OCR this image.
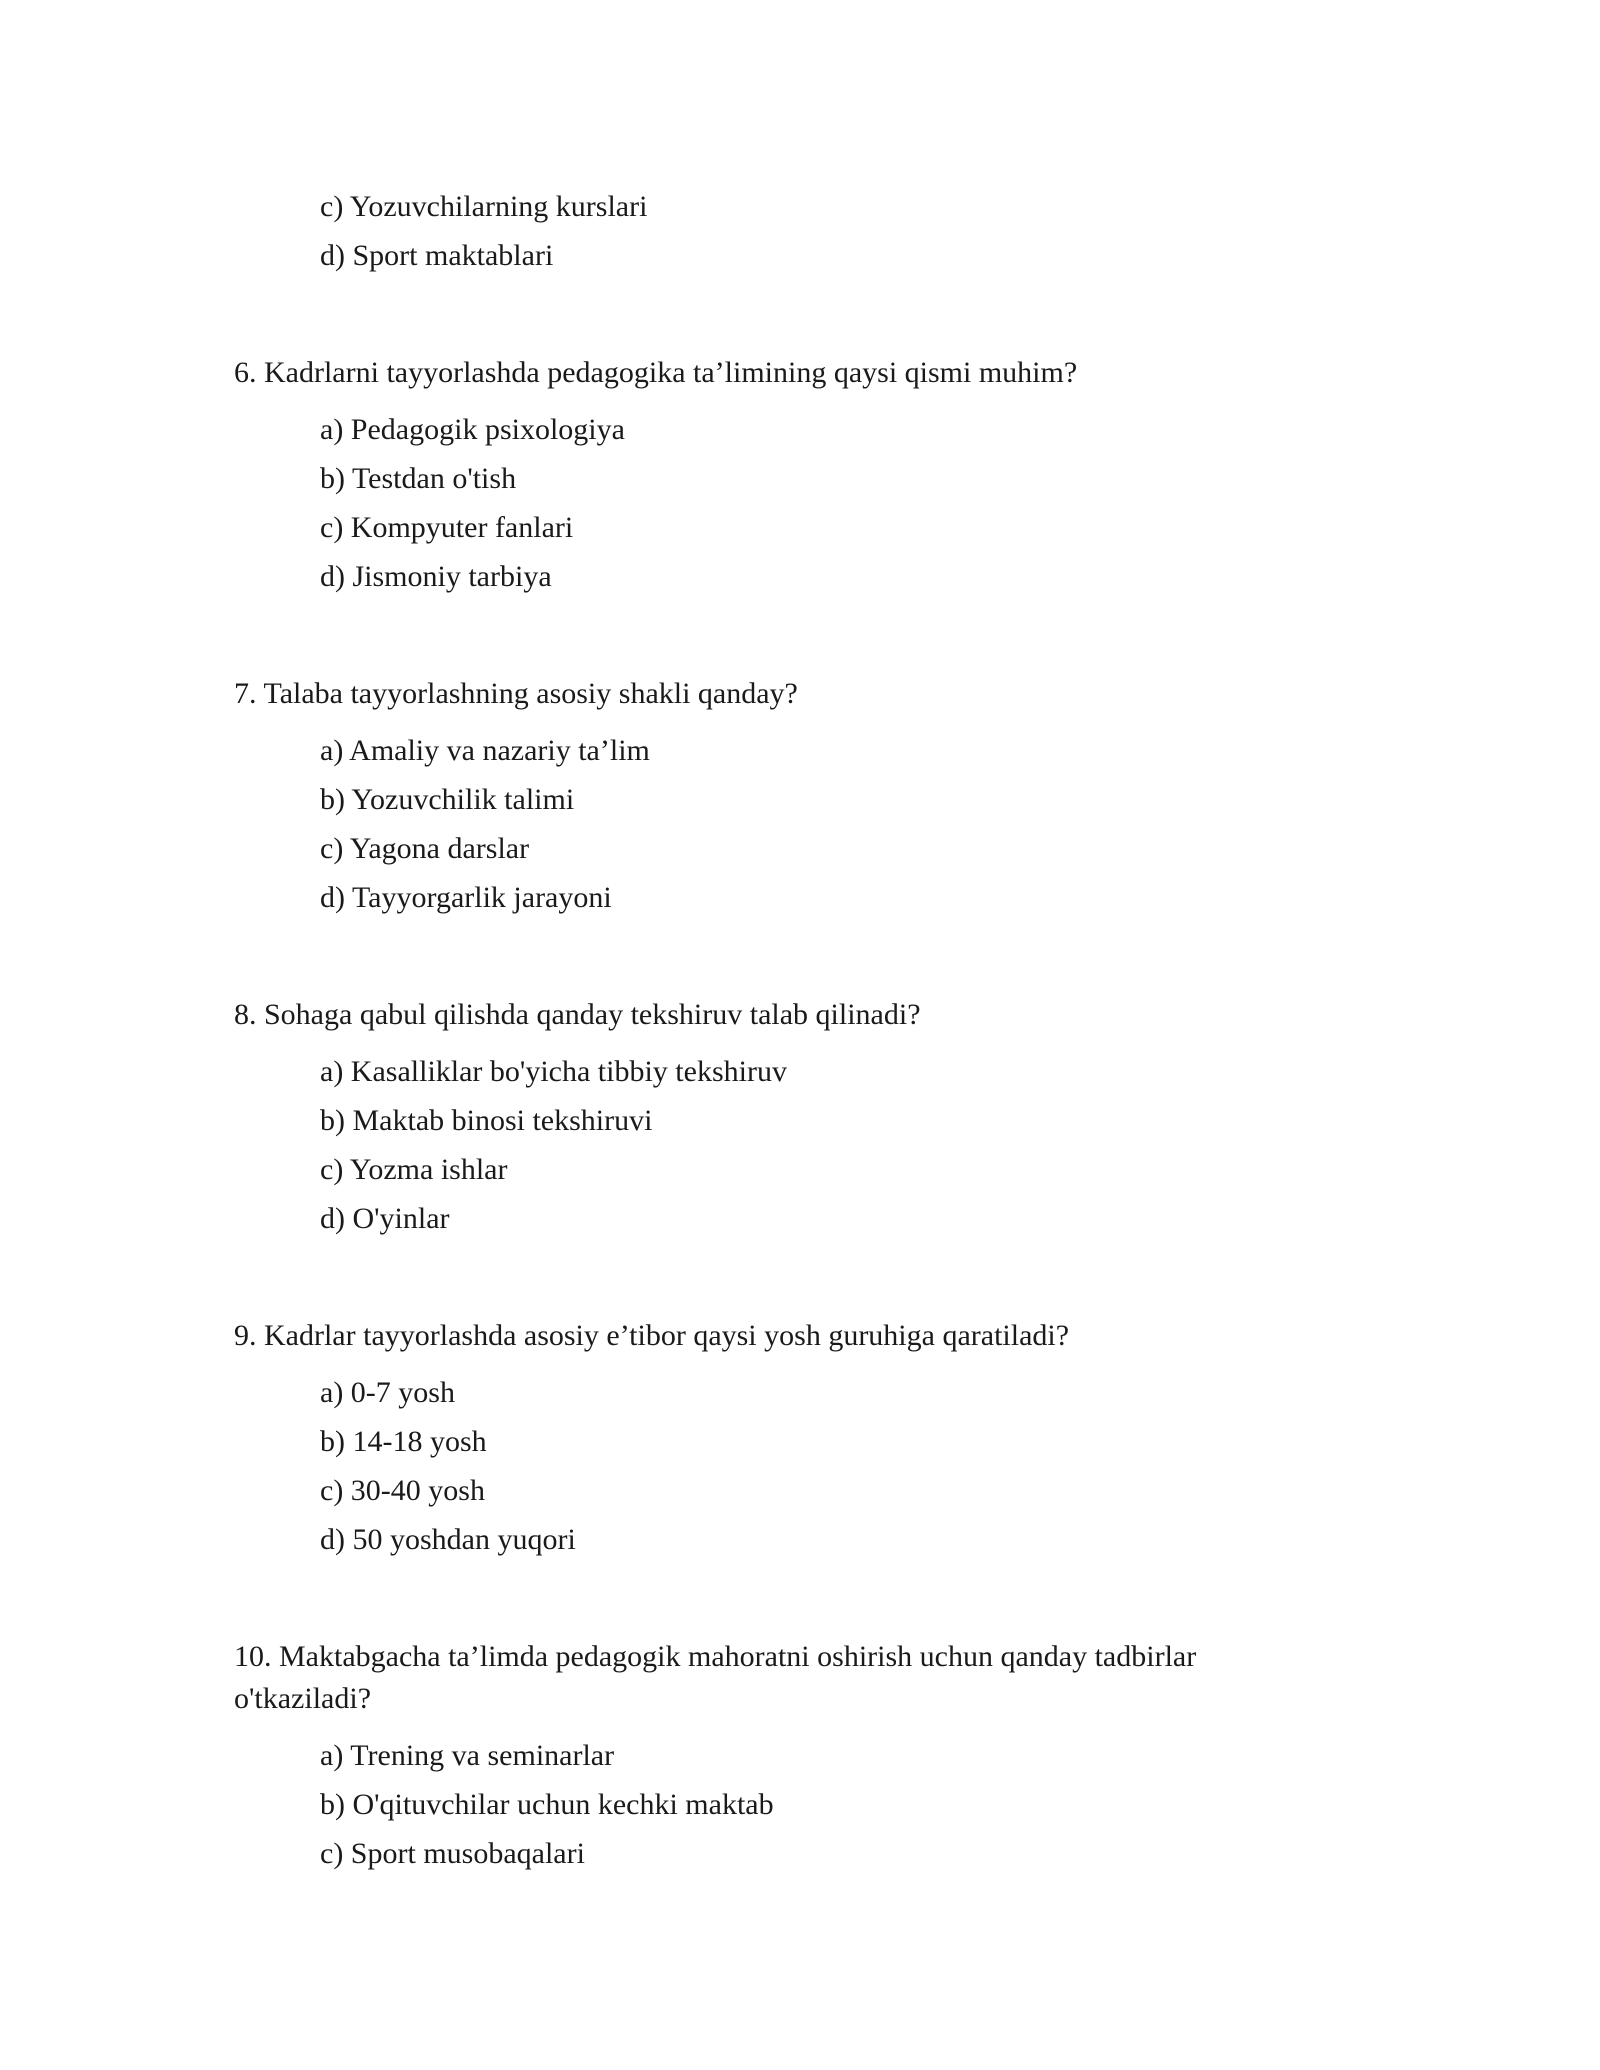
c) Yozuvchilarning kurslari
d) Sport maktablari
6. Kadrlarni tayyorlashda pedagogika ta’limining qaysi qismi muhim?
a) Pedagogik psixologiya
b) Testdan o'tish
c) Kompyuter fanlari
d) Jismoniy tarbiya
7. Talaba tayyorlashning asosiy shakli qanday?
a) Amaliy va nazariy ta’lim
b) Yozuvchilik talimi
c) Yagona darslar
d) Tayyorgarlik jarayoni
8. Sohaga qabul qilishda qanday tekshiruv talab qilinadi?
a) Kasalliklar bo'yicha tibbiy tekshiruv
b) Maktab binosi tekshiruvi
c) Yozma ishlar
d) O'yinlar
9. Kadrlar tayyorlashda asosiy e’tibor qaysi yosh guruhiga qaratiladi?
a) 0-7 yosh
b) 14-18 yosh
c) 30-40 yosh
d) 50 yoshdan yuqori
10. Maktabgacha ta’limda pedagogik mahoratni oshirish uchun qanday tadbirlar o'tkaziladi?
a) Trening va seminarlar
b) O'qituvchilar uchun kechki maktab
c) Sport musobaqalari
